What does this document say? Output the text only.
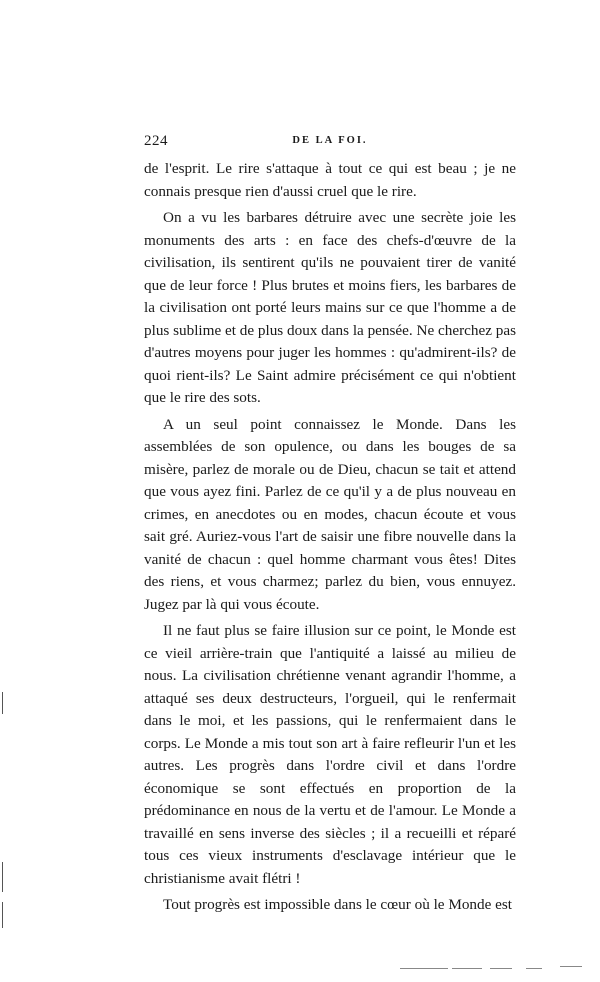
224	DE LA FOI.

de l'esprit. Le rire s'attaque à tout ce qui est beau ; je ne connais presque rien d'aussi cruel que le rire.

On a vu les barbares détruire avec une secrète joie les monuments des arts : en face des chefs-d'œuvre de la civilisation, ils sentirent qu'ils ne pouvaient tirer de vanité que de leur force ! Plus brutes et moins fiers, les barbares de la civilisation ont porté leurs mains sur ce que l'homme a de plus sublime et de plus doux dans la pensée. Ne cherchez pas d'autres moyens pour juger les hommes : qu'admirent-ils? de quoi rient-ils? Le Saint admire précisément ce qui n'obtient que le rire des sots.

A un seul point connaissez le Monde. Dans les assemblées de son opulence, ou dans les bouges de sa misère, parlez de morale ou de Dieu, chacun se tait et attend que vous ayez fini. Parlez de ce qu'il y a de plus nouveau en crimes, en anecdotes ou en modes, chacun écoute et vous sait gré. Auriez-vous l'art de saisir une fibre nouvelle dans la vanité de chacun : quel homme charmant vous êtes! Dites des riens, et vous charmez; parlez du bien, vous ennuyez. Jugez par là qui vous écoute.

Il ne faut plus se faire illusion sur ce point, le Monde est ce vieil arrière-train que l'antiquité a laissé au milieu de nous. La civilisation chrétienne venant agrandir l'homme, a attaqué ses deux destructeurs, l'orgueil, qui le renfermait dans le moi, et les passions, qui le renfermaient dans le corps. Le Monde a mis tout son art à faire refleurir l'un et les autres. Les progrès dans l'ordre civil et dans l'ordre économique se sont effectués en proportion de la prédominance en nous de la vertu et de l'amour. Le Monde a travaillé en sens inverse des siècles ; il a recueilli et réparé tous ces vieux instruments d'esclavage intérieur que le christianisme avait flétri !

Tout progrès est impossible dans le cœur où le Monde est
